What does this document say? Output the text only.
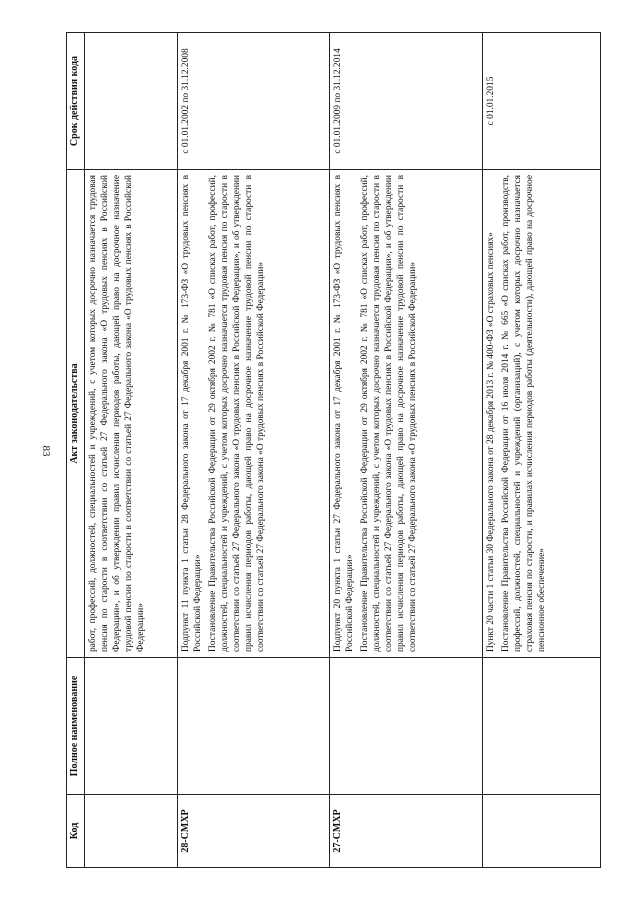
83
Код	Полное наименование	Акт законодательства	Срок действия кода

		работ, профессий, должностей, специальностей и учреждений, с учетом которых досрочно назначается трудовая пенсия по старости в соответствии со статьей 27 Федерального закона «О трудовых пенсиях в Российской Федерации», и об утверждении правил исчисления периодов работы, дающей право на досрочное назначение трудовой пенсии по старости в соответствии со статьей 27 Федерального закона «О трудовых пенсиях в Российской Федерации»	

28-СМХР		Подпункт 11 пункта 1 статьи 28 Федерального закона от 17 декабря 2001 г. № 173-ФЗ «О трудовых пенсиях в Российской Федерации» Постановление Правительства Российской Федерации от 29 октября 2002 г. № 781 «О списках работ, профессий, должностей, специальностей и учреждений, с учетом которых досрочно назначается трудовая пенсия по старости в соответствии со статьей 27 Федерального закона «О трудовых пенсиях в Российской Федерации», и об утверждении правил исчисления периодов работы, дающей право на досрочное назначение трудовой пенсии по старости в соответствии со статьей 27 Федерального закона «О трудовых пенсиях в Российской Федерации»	с 01.01.2002 по 31.12.2008
27-СМХР		Подпункт 20 пункта 1 статьи 27 Федерального закона от 17 декабря 2001 г. № 173-ФЗ «О трудовых пенсиях в Российской Федерации» Постановление Правительства Российской Федерации от 29 октября 2002 г. № 781 «О списках работ, профессий, должностей, специальностей и учреждений, с учетом которых досрочно назначается трудовая пенсия по старости в соответствии со статьей 27 Федерального закона «О трудовых пенсиях в Российской Федерации», и об утверждении правил исчисления периодов работы, дающей право на досрочное назначение трудовой пенсии по старости в соответствии со статьей 27 Федерального закона «О трудовых пенсиях в Российской Федерации»	с 01.01.2009 по 31.12.2014

		Пункт 20 части 1 статьи 30 Федерального закона от 28 декабря 2013 г. № 400-ФЗ «О страховых пенсиях» Постановление Правительства Российской Федерации от 16 июля 2014 г. № 665 «О списках работ, производств, профессий, должностей, специальностей и учреждений (организаций), с учетом которых досрочно назначается страховая пенсия по старости, и правилах исчисления периодов работы (деятельности), дающей право на досрочное пенсионное обеспечение»	с 01.01.2015
